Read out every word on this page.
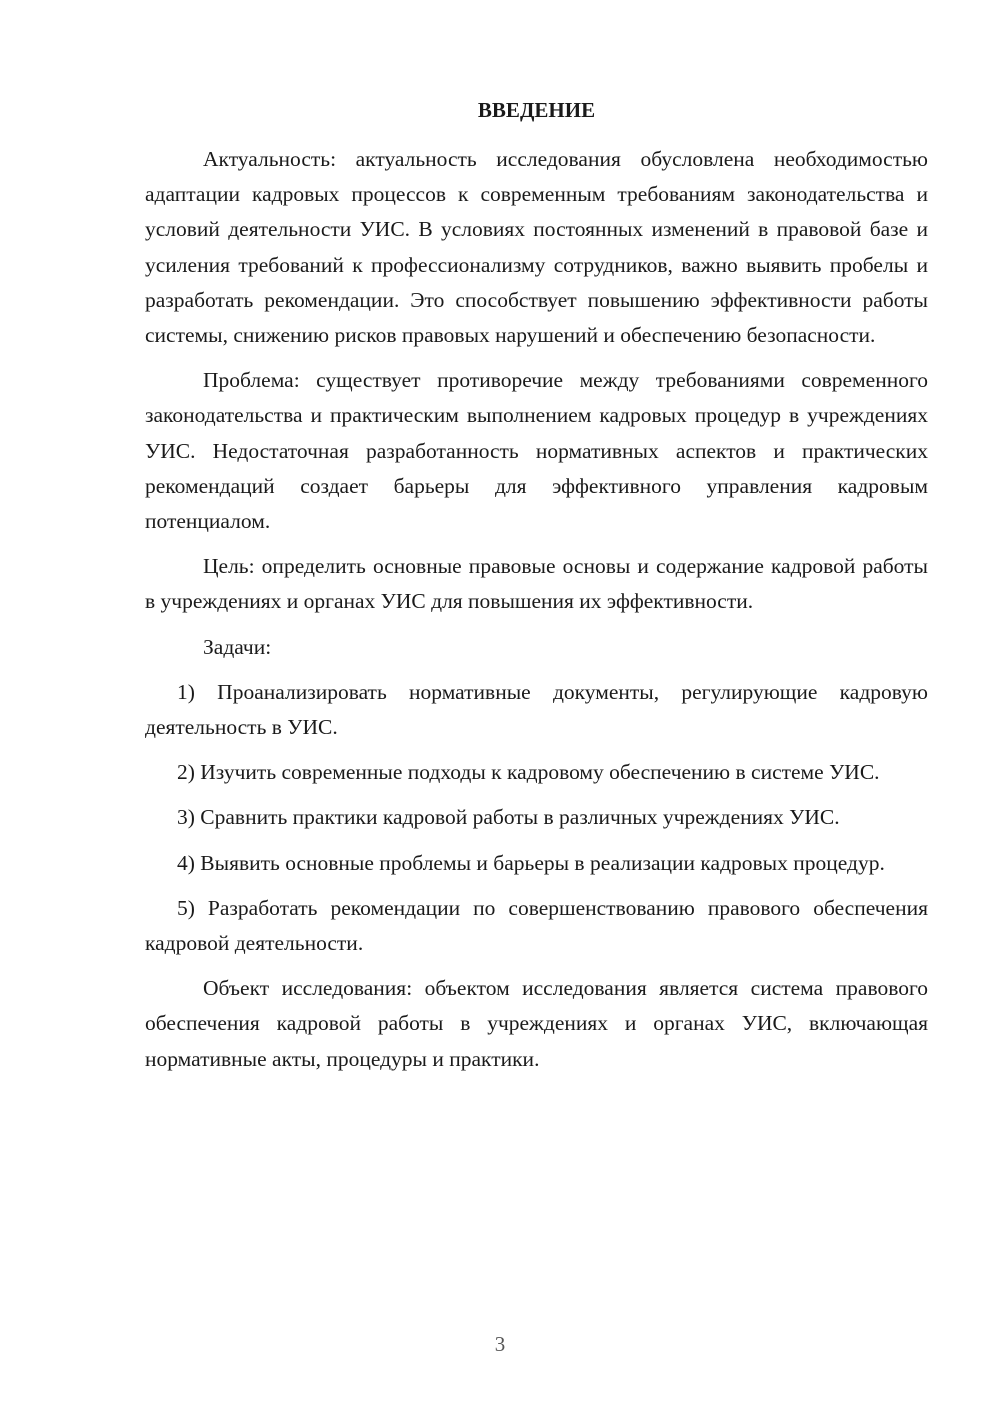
ВВЕДЕНИЕ

Актуальность: актуальность исследования обусловлена необходимостью адаптации кадровых процессов к современным требованиям законодательства и условий деятельности УИС. В условиях постоянных изменений в правовой базе и усиления требований к профессионализму сотрудников, важно выявить пробелы и разработать рекомендации. Это способствует повышению эффективности работы системы, снижению рисков правовых нарушений и обеспечению безопасности.

Проблема: существует противоречие между требованиями современного законодательства и практическим выполнением кадровых процедур в учреждениях УИС. Недостаточная разработанность нормативных аспектов и практических рекомендаций создает барьеры для эффективного управления кадровым потенциалом.

Цель: определить основные правовые основы и содержание кадровой работы в учреждениях и органах УИС для повышения их эффективности.

Задачи:

1) Проанализировать нормативные документы, регулирующие кадровую деятельность в УИС.

2) Изучить современные подходы к кадровому обеспечению в системе УИС.

3) Сравнить практики кадровой работы в различных учреждениях УИС.

4) Выявить основные проблемы и барьеры в реализации кадровых процедур.

5) Разработать рекомендации по совершенствованию правового обеспечения кадровой деятельности.

Объект исследования: объектом исследования является система правового обеспечения кадровой работы в учреждениях и органах УИС, включающая нормативные акты, процедуры и практики.

3
